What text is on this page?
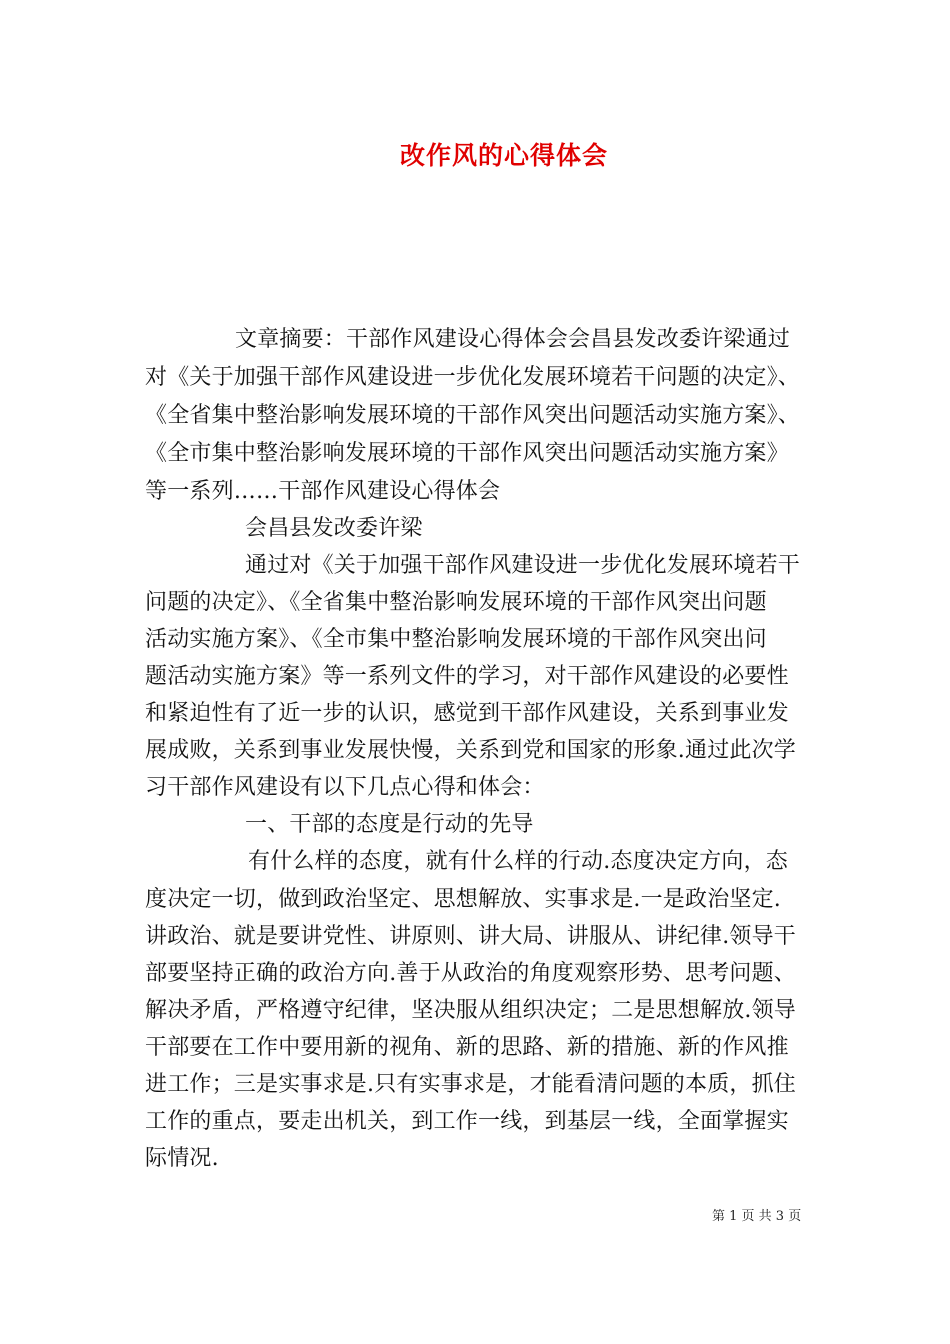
改作风的心得体会
文章摘要：干部作风建设心得体会会昌县发改委许梁通过
对《关于加强干部作风建设进一步优化发展环境若干问题的决定》、
《全省集中整治影响发展环境的干部作风突出问题活动实施方案》、
《全市集中整治影响发展环境的干部作风突出问题活动实施方案》
等一系列……干部作风建设心得体会
会昌县发改委许梁
通过对《关于加强干部作风建设进一步优化发展环境若干
问题的决定》、《全省集中整治影响发展环境的干部作风突出问题
活动实施方案》、《全市集中整治影响发展环境的干部作风突出问
题活动实施方案》等一系列文件的学习，对干部作风建设的必要性
和紧迫性有了近一步的认识，感觉到干部作风建设，关系到事业发
展成败，关系到事业发展快慢，关系到党和国家的形象.通过此次学
习干部作风建设有以下几点心得和体会：
一、干部的态度是行动的先导
有什么样的态度，就有什么样的行动.态度决定方向，态
度决定一切，做到政治坚定、思想解放、实事求是.一是政治坚定.
讲政治、就是要讲党性、讲原则、讲大局、讲服从、讲纪律.领导干
部要坚持正确的政治方向.善于从政治的角度观察形势、思考问题、
解决矛盾，严格遵守纪律，坚决服从组织决定；二是思想解放.领导
干部要在工作中要用新的视角、新的思路、新的措施、新的作风推
进工作；三是实事求是.只有实事求是，才能看清问题的本质，抓住
工作的重点，要走出机关，到工作一线，到基层一线，全面掌握实
际情况.
第 1 页 共 3 页
